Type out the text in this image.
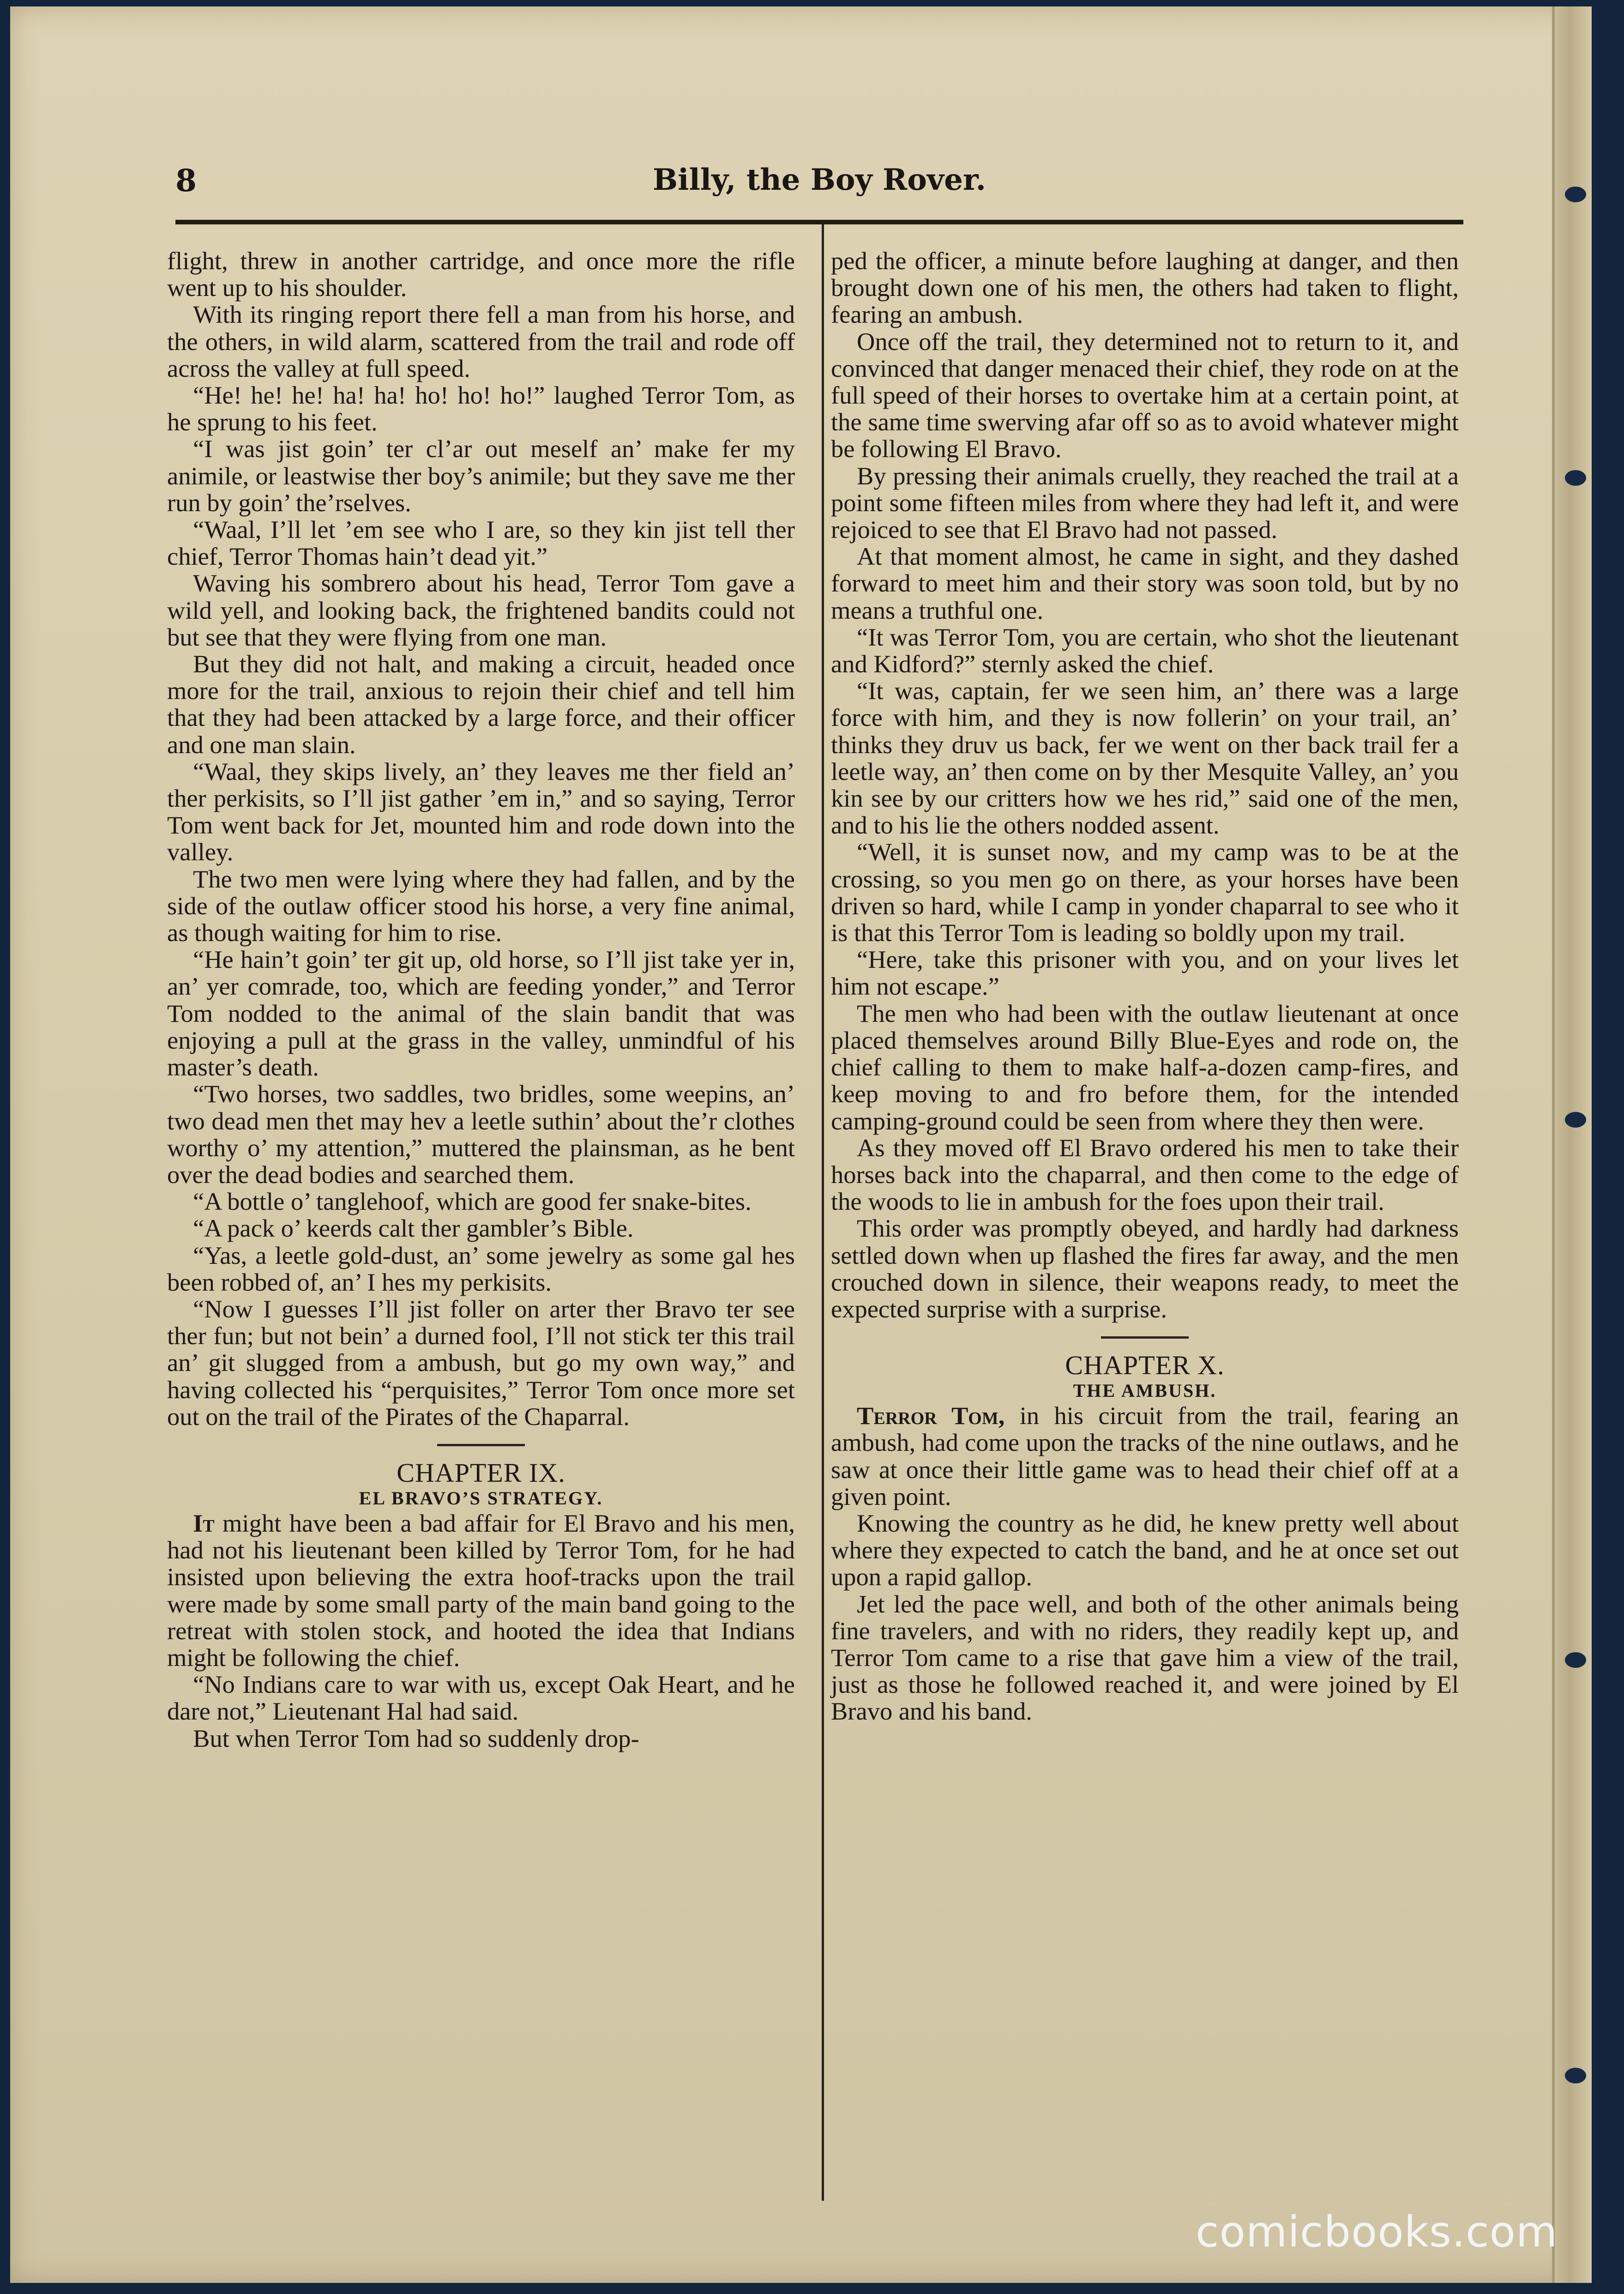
Billy, the Boy Rover.
8

flight, threw in another cartridge, and once more the rifle went up to his shoulder.

With its ringing report there fell a man from his horse, and the others, in wild alarm, scattered from the trail and rode off across the valley at full speed.

“He! he! he! ha! ha! ho! ho! ho!” laughed Terror Tom, as he sprung to his feet.

“I was jist goin’ ter cl’ar out meself an’ make fer my animile, or leastwise ther boy’s animile; but they save me ther run by goin’ the’rselves.

“Waal, I’ll let ’em see who I are, so they kin jist tell ther chief, Terror Thomas hain’t dead yit.”

Waving his sombrero about his head, Terror Tom gave a wild yell, and looking back, the frightened bandits could not but see that they were flying from one man.

But they did not halt, and making a circuit, headed once more for the trail, anxious to rejoin their chief and tell him that they had been attacked by a large force, and their officer and one man slain.

“Waal, they skips lively, an’ they leaves me ther field an’ ther perkisits, so I’ll jist gather ’em in,” and so saying, Terror Tom went back for Jet, mounted him and rode down into the valley.

The two men were lying where they had fallen, and by the side of the outlaw officer stood his horse, a very fine animal, as though waiting for him to rise.

“He hain’t goin’ ter git up, old horse, so I’ll jist take yer in, an’ yer comrade, too, which are feeding yonder,” and Terror Tom nodded to the animal of the slain bandit that was enjoying a pull at the grass in the valley, unmindful of his master’s death.

“Two horses, two saddles, two bridles, some weepins, an’ two dead men thet may hev a leetle suthin’ about the’r clothes worthy o’ my attention,” muttered the plainsman, as he bent over the dead bodies and searched them.

“A bottle o’ tanglehoof, which are good fer snake-bites.

“A pack o’ keerds calt ther gambler’s Bible.

“Yas, a leetle gold-dust, an’ some jewelry as some gal hes been robbed of, an’ I hes my perkisits.

“Now I guesses I’ll jist foller on arter ther Bravo ter see ther fun; but not bein’ a durned fool, I’ll not stick ter this trail an’ git slugged from a ambush, but go my own way,” and having collected his “perquisites,” Terror Tom once more set out on the trail of the Pirates of the Chaparral.

CHAPTER IX.
EL BRAVO’S STRATEGY.

It might have been a bad affair for El Bravo and his men, had not his lieutenant been killed by Terror Tom, for he had insisted upon believing the extra hoof-tracks upon the trail were made by some small party of the main band going to the retreat with stolen stock, and hooted the idea that Indians might be following the chief.

“No Indians care to war with us, except Oak Heart, and he dare not,” Lieutenant Hal had said.

But when Terror Tom had so suddenly drop-

ped the officer, a minute before laughing at danger, and then brought down one of his men, the others had taken to flight, fearing an ambush.

Once off the trail, they determined not to return to it, and convinced that danger menaced their chief, they rode on at the full speed of their horses to overtake him at a certain point, at the same time swerving afar off so as to avoid whatever might be following El Bravo.

By pressing their animals cruelly, they reached the trail at a point some fifteen miles from where they had left it, and were rejoiced to see that El Bravo had not passed.

At that moment almost, he came in sight, and they dashed forward to meet him and their story was soon told, but by no means a truthful one.

“It was Terror Tom, you are certain, who shot the lieutenant and Kidford?” sternly asked the chief.

“It was, captain, fer we seen him, an’ there was a large force with him, and they is now follerin’ on your trail, an’ thinks they druv us back, fer we went on ther back trail fer a leetle way, an’ then come on by ther Mesquite Valley, an’ you kin see by our critters how we hes rid,” said one of the men, and to his lie the others nodded assent.

“Well, it is sunset now, and my camp was to be at the crossing, so you men go on there, as your horses have been driven so hard, while I camp in yonder chaparral to see who it is that this Terror Tom is leading so boldly upon my trail.

“Here, take this prisoner with you, and on your lives let him not escape.”

The men who had been with the outlaw lieutenant at once placed themselves around Billy Blue-Eyes and rode on, the chief calling to them to make half-a-dozen camp-fires, and keep moving to and fro before them, for the intended camping-ground could be seen from where they then were.

As they moved off El Bravo ordered his men to take their horses back into the chaparral, and then come to the edge of the woods to lie in ambush for the foes upon their trail.

This order was promptly obeyed, and hardly had darkness settled down when up flashed the fires far away, and the men crouched down in silence, their weapons ready, to meet the expected surprise with a surprise.

CHAPTER X.
THE AMBUSH.

Terror Tom, in his circuit from the trail, fearing an ambush, had come upon the tracks of the nine outlaws, and he saw at once their little game was to head their chief off at a given point.

Knowing the country as he did, he knew pretty well about where they expected to catch the band, and he at once set out upon a rapid gallop.

Jet led the pace well, and both of the other animals being fine travelers, and with no riders, they readily kept up, and Terror Tom came to a rise that gave him a view of the trail, just as those he followed reached it, and were joined by El Bravo and his band.

comicbooks.com
